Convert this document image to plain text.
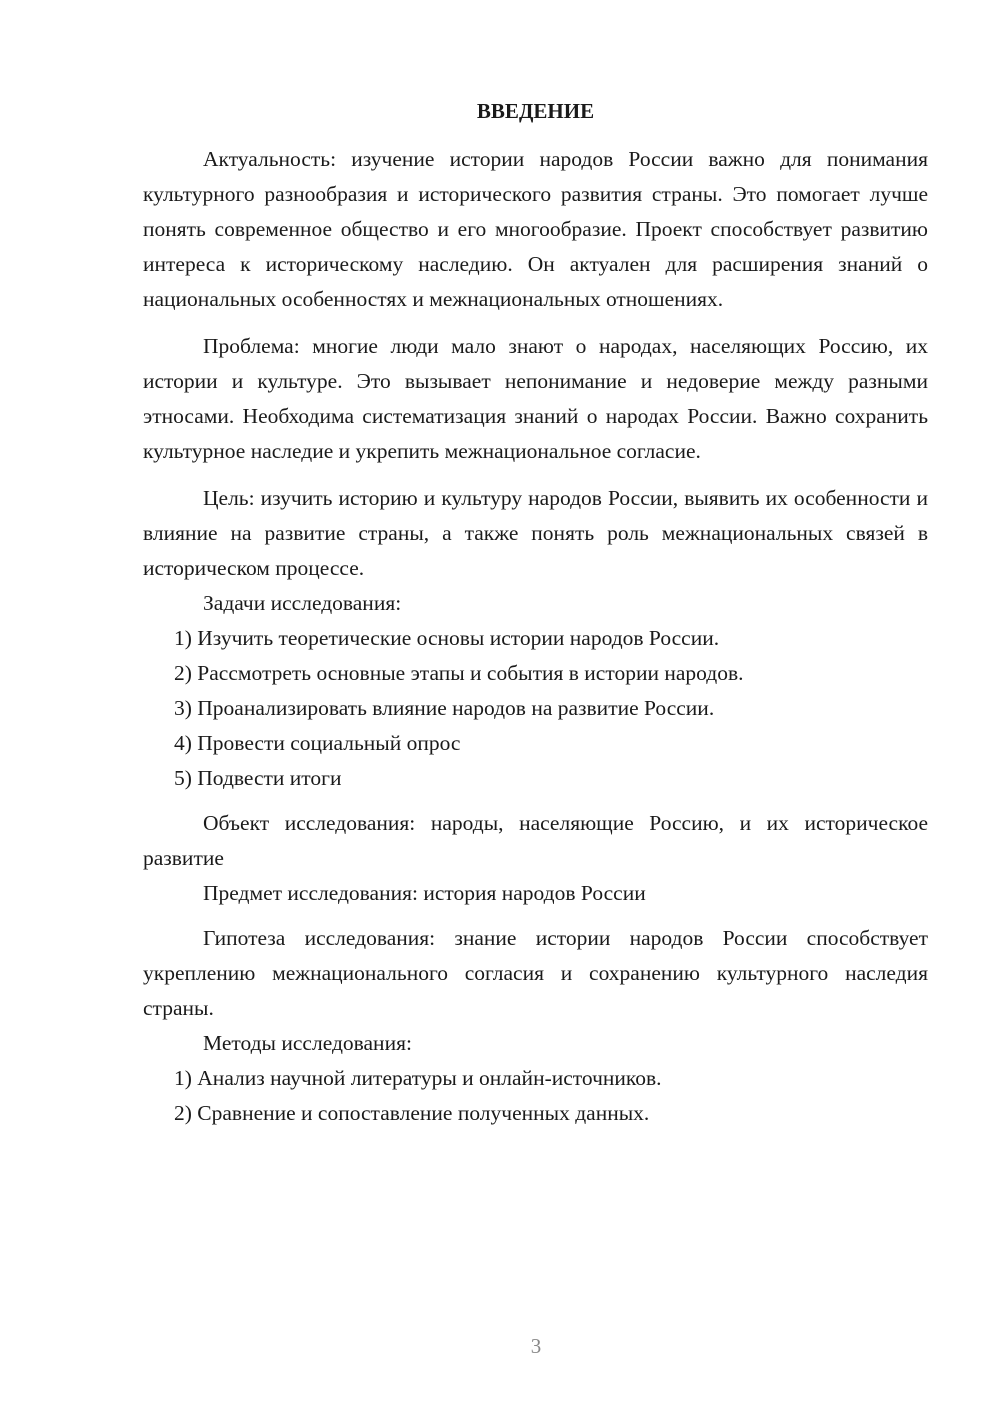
ВВЕДЕНИЕ

Актуальность: изучение истории народов России важно для понимания культурного разнообразия и исторического развития страны. Это помогает лучше понять современное общество и его многообразие. Проект способствует развитию интереса к историческому наследию. Он актуален для расширения знаний о национальных особенностях и межнациональных отношениях.

Проблема: многие люди мало знают о народах, населяющих Россию, их истории и культуре. Это вызывает непонимание и недоверие между разными этносами. Необходима систематизация знаний о народах России. Важно сохранить культурное наследие и укрепить межнациональное согласие.

Цель: изучить историю и культуру народов России, выявить их особенности и влияние на развитие страны, а также понять роль межнациональных связей в историческом процессе.

Задачи исследования:

1) Изучить теоретические основы истории народов России.

2) Рассмотреть основные этапы и события в истории народов.

3) Проанализировать влияние народов на развитие России.

4) Провести социальный опрос

5) Подвести итоги

Объект исследования: народы, населяющие Россию, и их историческое развитие

Предмет исследования: история народов России

Гипотеза исследования: знание истории народов России способствует укреплению межнационального согласия и сохранению культурного наследия страны.

Методы исследования:

1) Анализ научной литературы и онлайн-источников.

2) Сравнение и сопоставление полученных данных.

3
